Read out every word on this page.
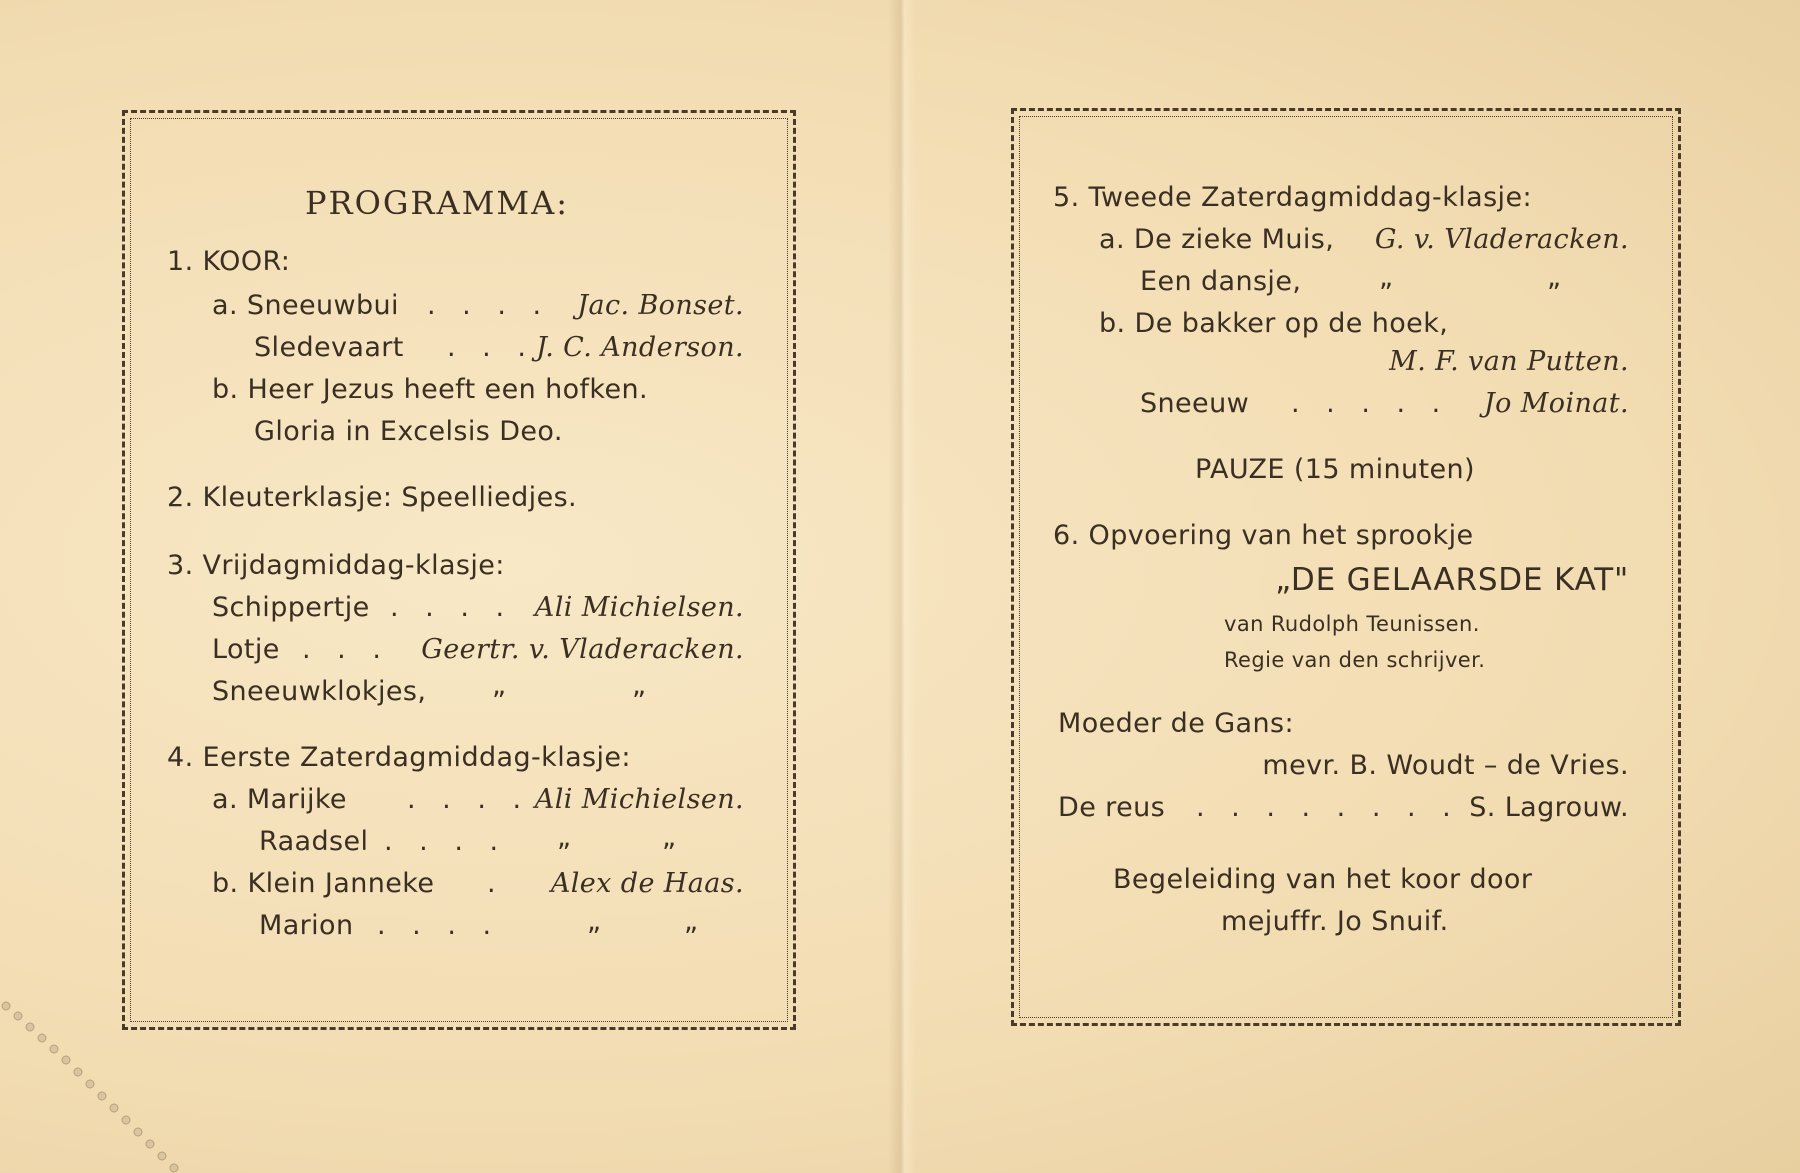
PROGRAMMA:
1. KOOR:
a. Sneeuwbui . . . . Jac. Bonset.
Sledevaart . . . J. C. Anderson.
b. Heer Jezus heeft een hofken.
Gloria in Excelsis Deo.
2. Kleuterklasje: Speelliedjes.
3. Vrijdagmiddag-klasje:
Schippertje . . . . Ali Michielsen.
Lotje . . . Geertr. v. Vladeracken.
Sneeuwklokjes, „	„
4. Eerste Zaterdagmiddag-klasje:
a. Marijke . . . . Ali Michielsen.
Raadsel . . . . „	„
b. Klein Janneke . Alex de Haas.
Marion . . . .	„	„
5. Tweede Zaterdagmiddag-klasje:
a. De zieke Muis, G. v. Vladeracken.
Een dansje,	„	„
b. De bakker op de hoek,
M. F. van Putten.
Sneeuw . . . . . Jo Moinat.
PAUZE (15 minuten)
6. Opvoering van het sprookje
„DE GELAARSDE KAT"
van Rudolph Teunissen.
Regie van den schrijver.
Moeder de Gans:
mevr. B. Woudt – de Vries.
De reus . . . . . . . . S. Lagrouw.
Begeleiding van het koor door
mejuffr. Jo Snuif.
